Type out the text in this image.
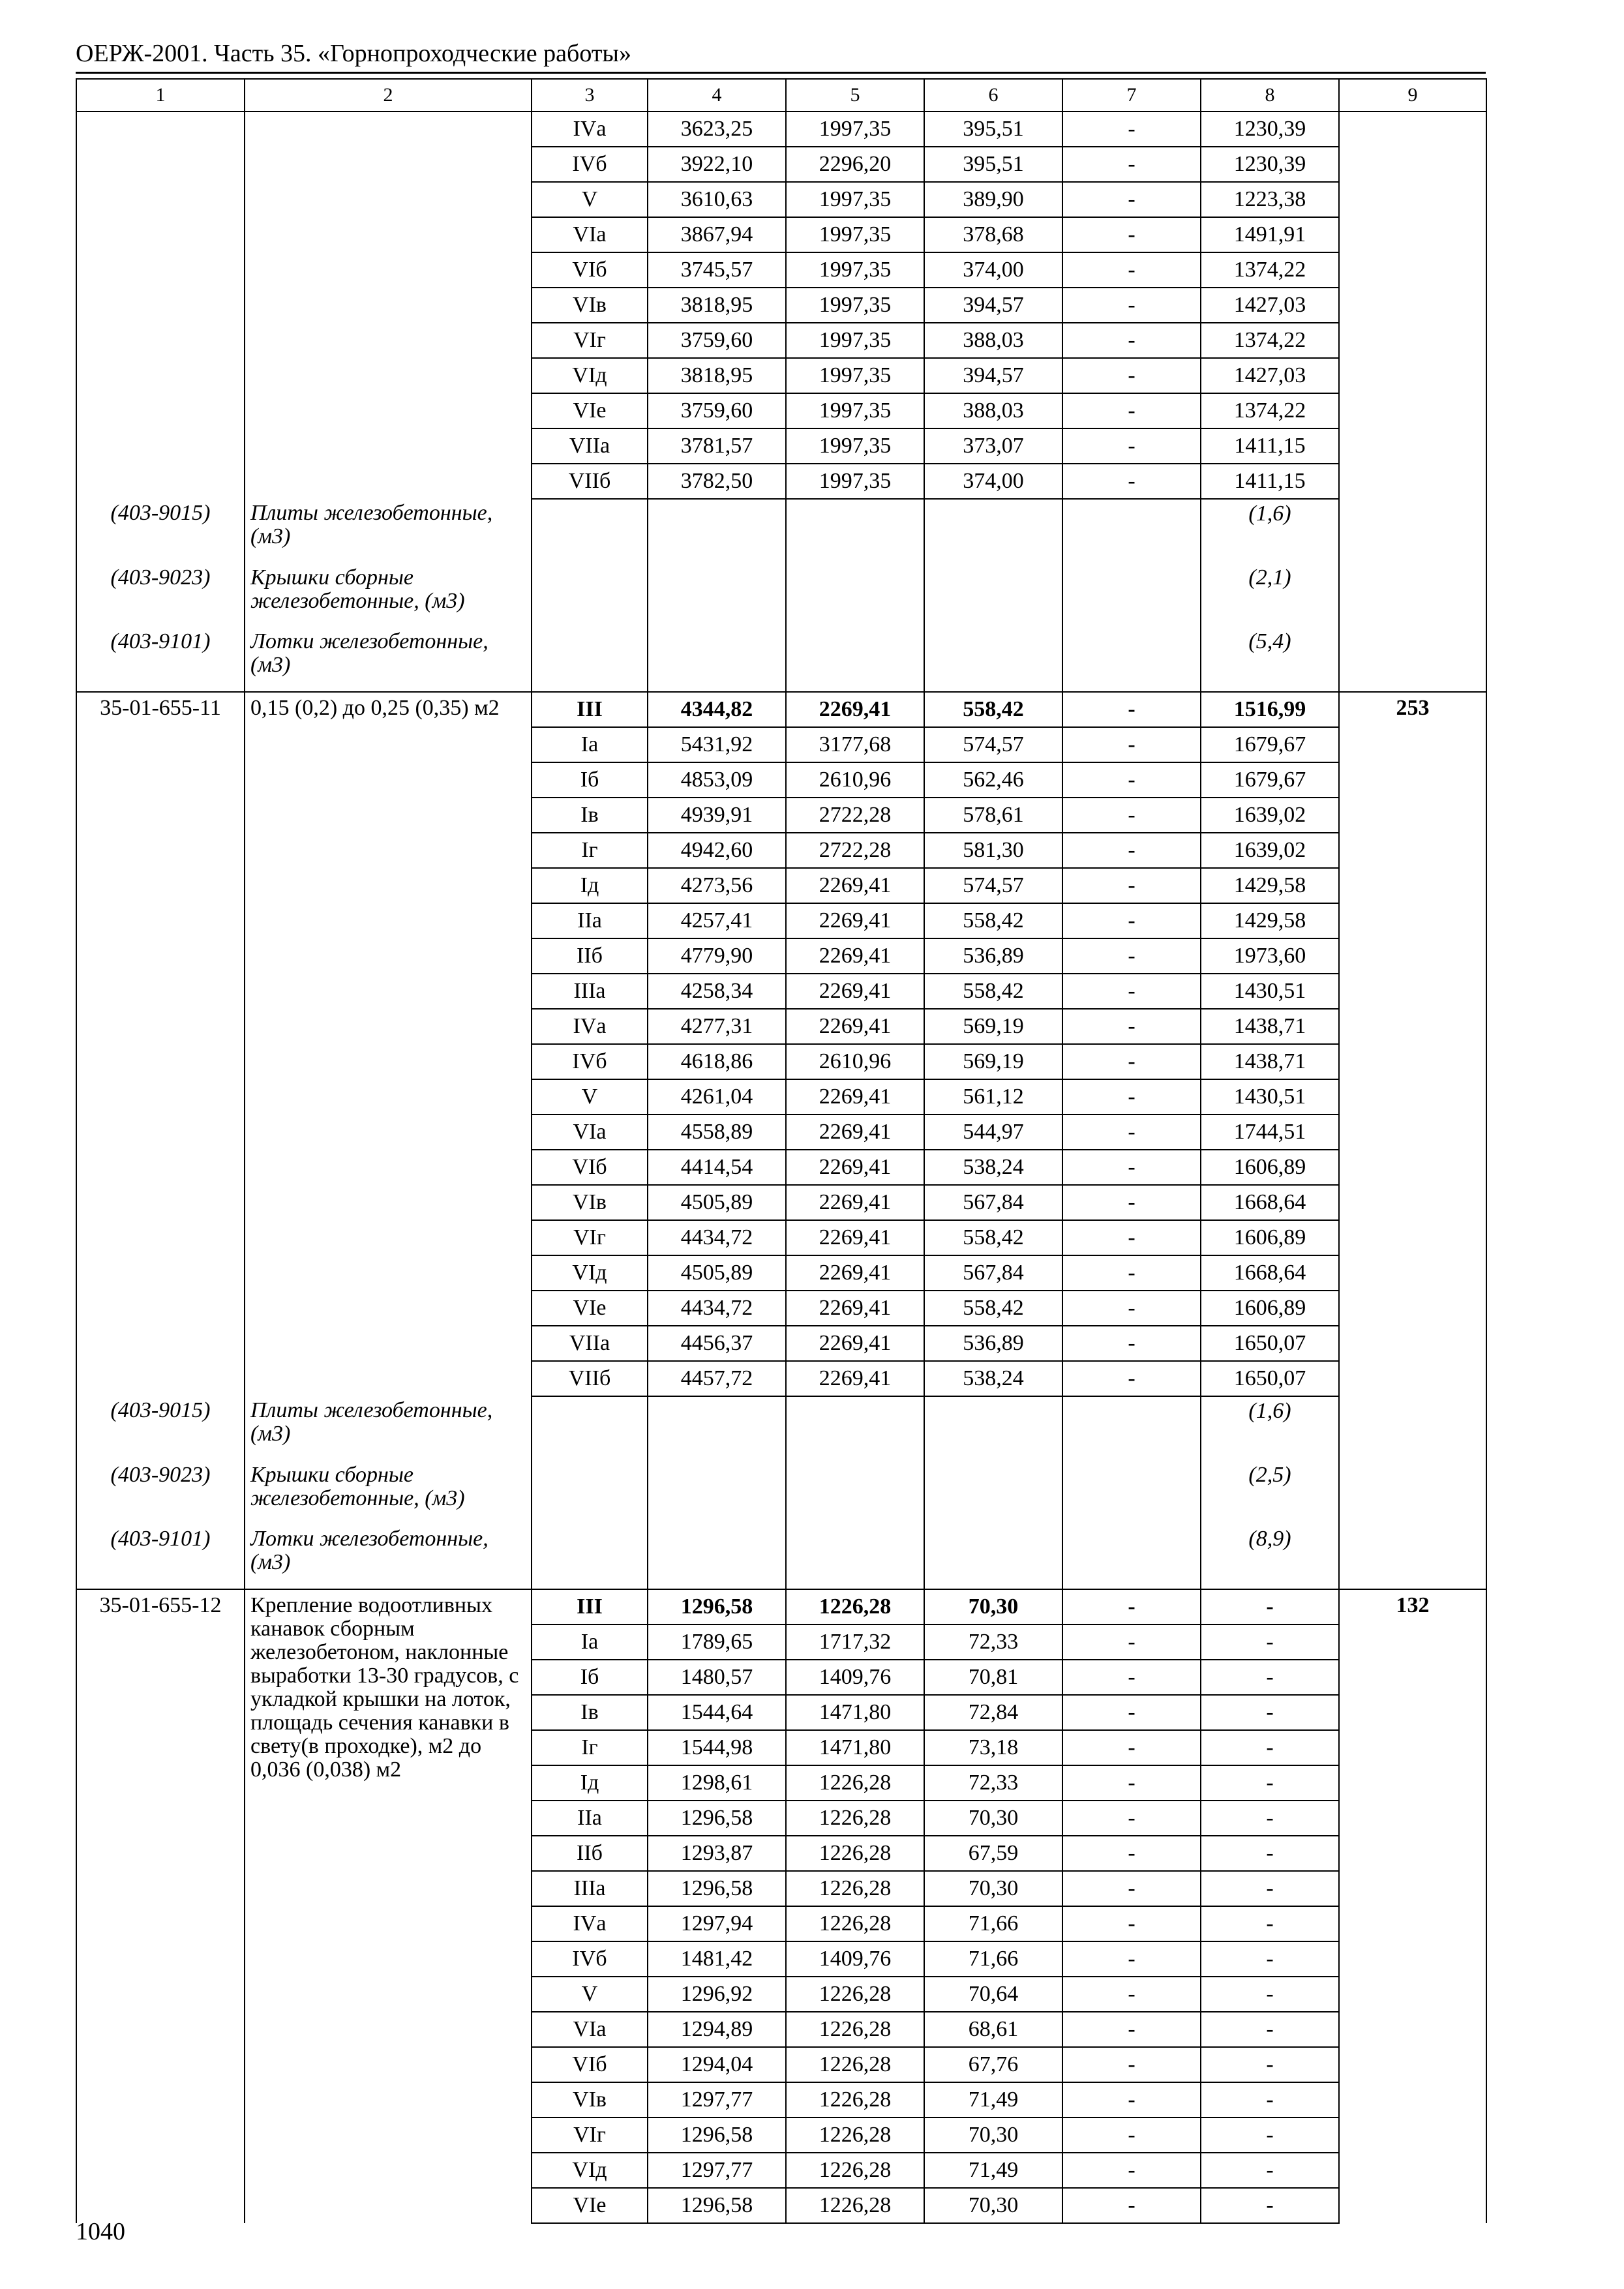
ОЕРЖ-2001. Часть 35. «Горнопроходческие работы»
1	2	3	4	5	6	7	8	9
		IVа	3623,25	1997,35	395,51	-	1230,39	
		IVб	3922,10	2296,20	395,51	-	1230,39	
		V	3610,63	1997,35	389,90	-	1223,38	
		VIа	3867,94	1997,35	378,68	-	1491,91	
		VIб	3745,57	1997,35	374,00	-	1374,22	
		VIв	3818,95	1997,35	394,57	-	1427,03	
		VIг	3759,60	1997,35	388,03	-	1374,22	
		VIд	3818,95	1997,35	394,57	-	1427,03	
		VIе	3759,60	1997,35	388,03	-	1374,22	
		VIIа	3781,57	1997,35	373,07	-	1411,15	
		VIIб	3782,50	1997,35	374,00	-	1411,15	
(403-9015)	Плиты железобетонные, (м3)						(1,6)	
(403-9023)	Крышки сборные железобетонные, (м3)						(2,1)	
(403-9101)	Лотки железобетонные, (м3)						(5,4)	
35-01-655-11	0,15 (0,2) до 0,25 (0,35) м2	III	4344,82	2269,41	558,42	-	1516,99	253
		Iа	5431,92	3177,68	574,57	-	1679,67	
		Iб	4853,09	2610,96	562,46	-	1679,67	
		Iв	4939,91	2722,28	578,61	-	1639,02	
		Iг	4942,60	2722,28	581,30	-	1639,02	
		Iд	4273,56	2269,41	574,57	-	1429,58	
		IIа	4257,41	2269,41	558,42	-	1429,58	
		IIб	4779,90	2269,41	536,89	-	1973,60	
		IIIа	4258,34	2269,41	558,42	-	1430,51	
		IVа	4277,31	2269,41	569,19	-	1438,71	
		IVб	4618,86	2610,96	569,19	-	1438,71	
		V	4261,04	2269,41	561,12	-	1430,51	
		VIа	4558,89	2269,41	544,97	-	1744,51	
		VIб	4414,54	2269,41	538,24	-	1606,89	
		VIв	4505,89	2269,41	567,84	-	1668,64	
		VIг	4434,72	2269,41	558,42	-	1606,89	
		VIд	4505,89	2269,41	567,84	-	1668,64	
		VIе	4434,72	2269,41	558,42	-	1606,89	
		VIIа	4456,37	2269,41	536,89	-	1650,07	
		VIIб	4457,72	2269,41	538,24	-	1650,07	
(403-9015)	Плиты железобетонные, (м3)						(1,6)	
(403-9023)	Крышки сборные железобетонные, (м3)						(2,5)	
(403-9101)	Лотки железобетонные, (м3)						(8,9)	
35-01-655-12	Крепление водоотливных канавок сборным железобетоном, наклонные выработки 13-30 градусов, с укладкой крышки на лоток, площадь сечения канавки в свету(в проходке), м2 до 0,036 (0,038) м2	III	1296,58	1226,28	70,30	-	-	132
		Iа	1789,65	1717,32	72,33	-	-	
		Iб	1480,57	1409,76	70,81	-	-	
		Iв	1544,64	1471,80	72,84	-	-	
		Iг	1544,98	1471,80	73,18	-	-	
		Iд	1298,61	1226,28	72,33	-	-	
		IIа	1296,58	1226,28	70,30	-	-	
		IIб	1293,87	1226,28	67,59	-	-	
		IIIа	1296,58	1226,28	70,30	-	-	
		IVа	1297,94	1226,28	71,66	-	-	
		IVб	1481,42	1409,76	71,66	-	-	
		V	1296,92	1226,28	70,64	-	-	
		VIа	1294,89	1226,28	68,61	-	-	
		VIб	1294,04	1226,28	67,76	-	-	
		VIв	1297,77	1226,28	71,49	-	-	
		VIг	1296,58	1226,28	70,30	-	-	
		VIд	1297,77	1226,28	71,49	-	-	
		VIе	1296,58	1226,28	70,30	-	-	
1040
